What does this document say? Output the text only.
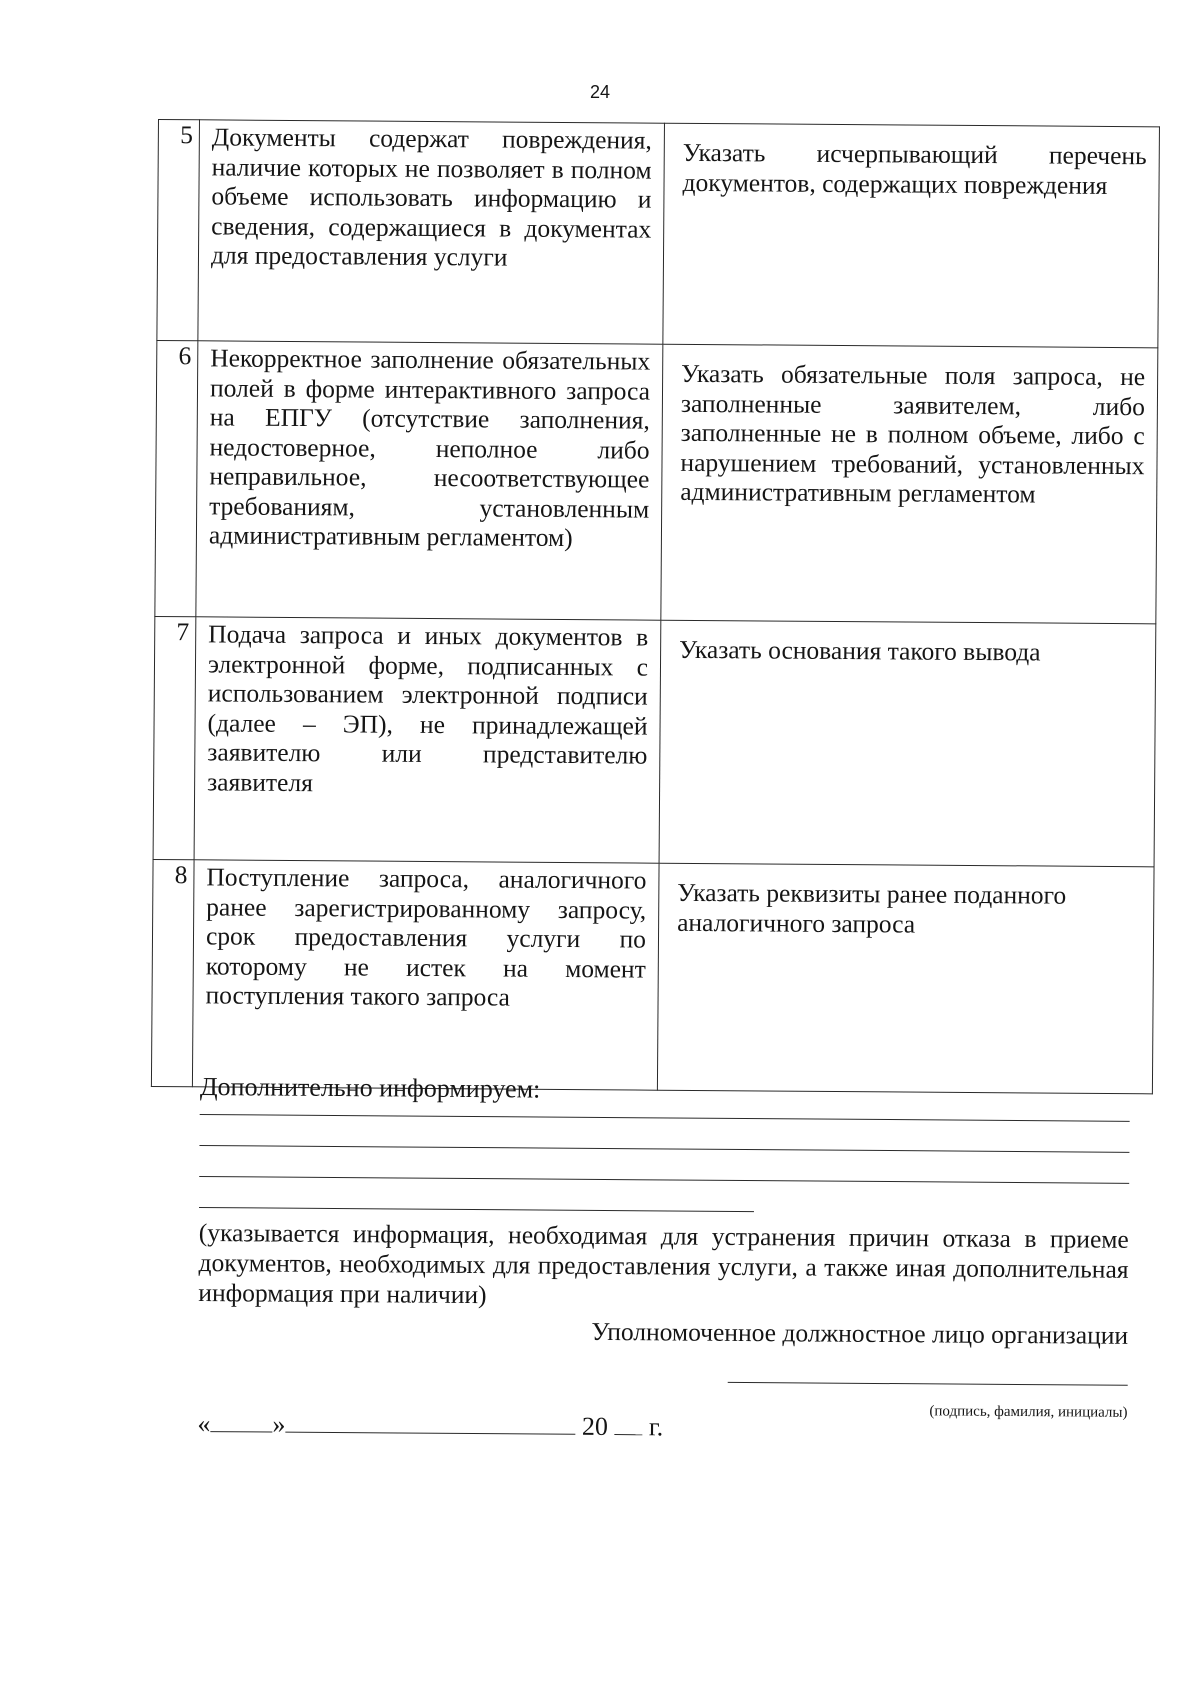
24
5	Документы содержат повреждения, наличие которых не позволяет в полном объеме использовать информацию и сведения, содержащиеся в документах для предоставления услуги	Указать исчерпывающий перечень документов, содержащих повреждения
6	Некорректное заполнение обязательных полей в форме интерактивного запроса на ЕПГУ (отсутствие заполнения, недостоверное, неполное либо неправильное, несоответствующее требованиям, установленным административным регламентом)	Указать обязательные поля запроса, не заполненные заявителем, либо заполненные не в полном объеме, либо с нарушением требований, установленных административным регламентом
7	Подача запроса и иных документов в электронной форме, подписанных с использованием электронной подписи (далее – ЭП), не принадлежащей заявителю или представителю заявителя	Указать основания такого вывода
8	Поступление запроса, аналогичного ранее зарегистрированному запросу, срок предоставления услуги по которому не истек на момент поступления такого запроса	Указать реквизиты ранее поданного аналогичного запроса

Дополнительно информируем:

(указывается информация, необходимая для устранения причин отказа в приеме документов, необходимых для предоставления услуги, а также иная дополнительная информация при наличии)

Уполномоченное должностное лицо организации
(подпись, фамилия, инициалы)
« »	20 г.
